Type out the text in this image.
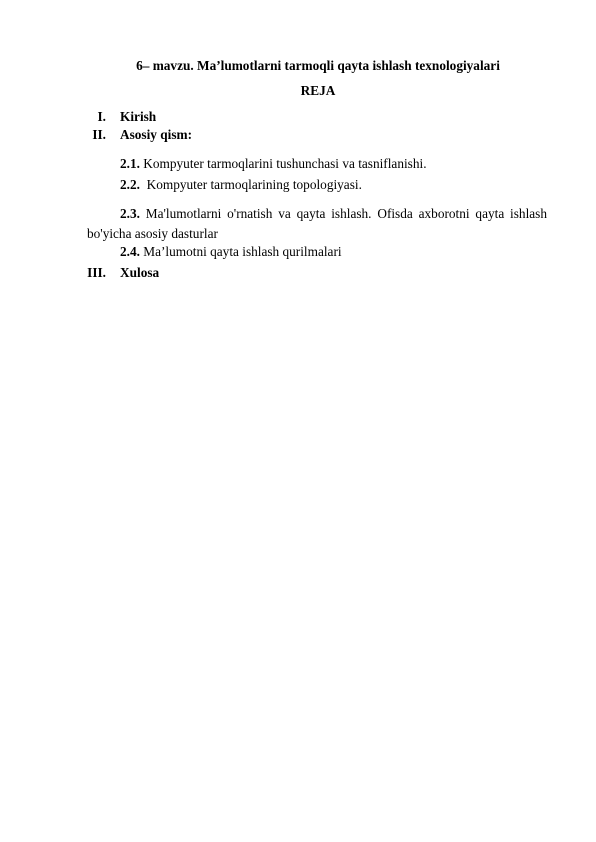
6– mavzu. Ma’lumotlarni tarmoqli qayta ishlash texnologiyalari
REJA
I. Kirish
II. Asosiy qism:
2.1. Kompyuter tarmoqlarini tushunchasi va tasniflanishi.
2.2.  Kompyuter tarmoqlarining topologiyasi.
2.3. Ma'lumotlarni o'rnatish va qayta ishlash. Ofisda axborotni qayta ishlash bo'yicha asosiy dasturlar
2.4. Ma’lumotni qayta ishlash qurilmalari
III. Xulosa
